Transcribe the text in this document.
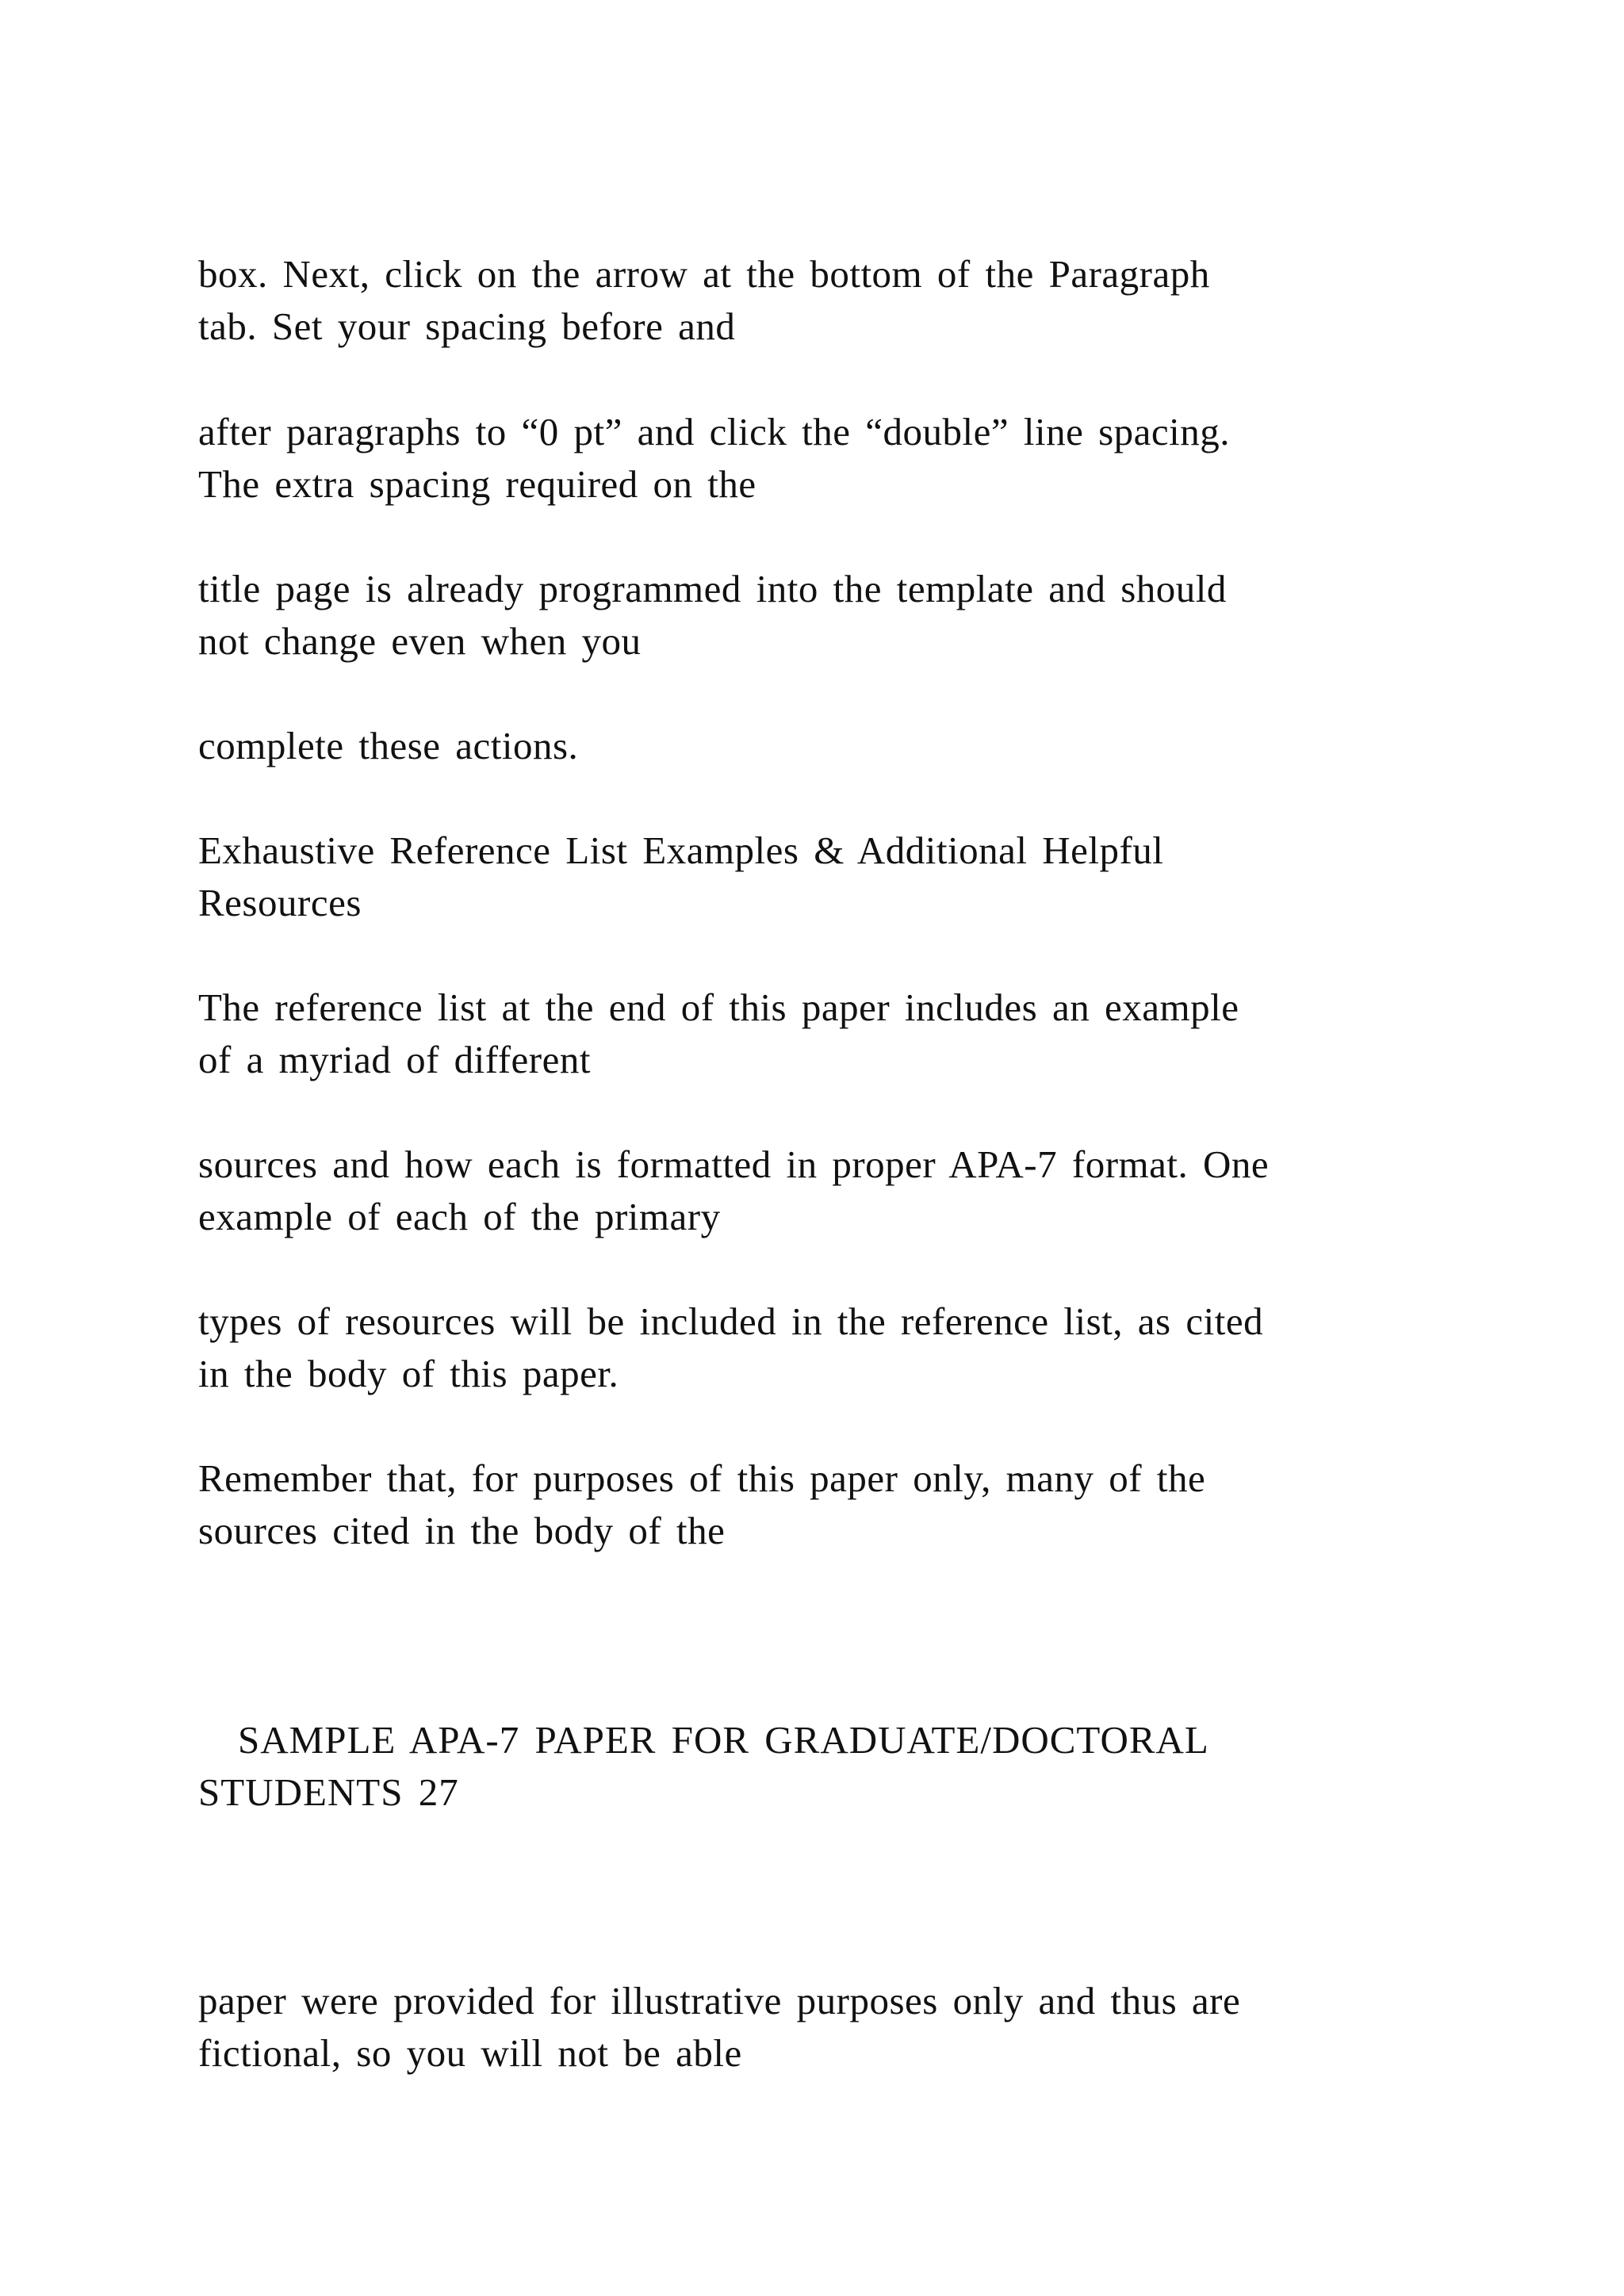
box. Next, click on the arrow at the bottom of the Paragraph
tab. Set your spacing before and

after paragraphs to “0 pt” and click the “double” line spacing.
The extra spacing required on the

title page is already programmed into the template and should
not change even when you

complete these actions.

Exhaustive Reference List Examples & Additional Helpful
Resources

The reference list at the end of this paper includes an example
of a myriad of different

sources and how each is formatted in proper APA-7 format. One
example of each of the primary

types of resources will be included in the reference list, as cited
in the body of this paper.

Remember that, for purposes of this paper only, many of the
sources cited in the body of the

SAMPLE APA-7 PAPER FOR GRADUATE/DOCTORAL
STUDENTS 27

paper were provided for illustrative purposes only and thus are
fictional, so you will not be able
